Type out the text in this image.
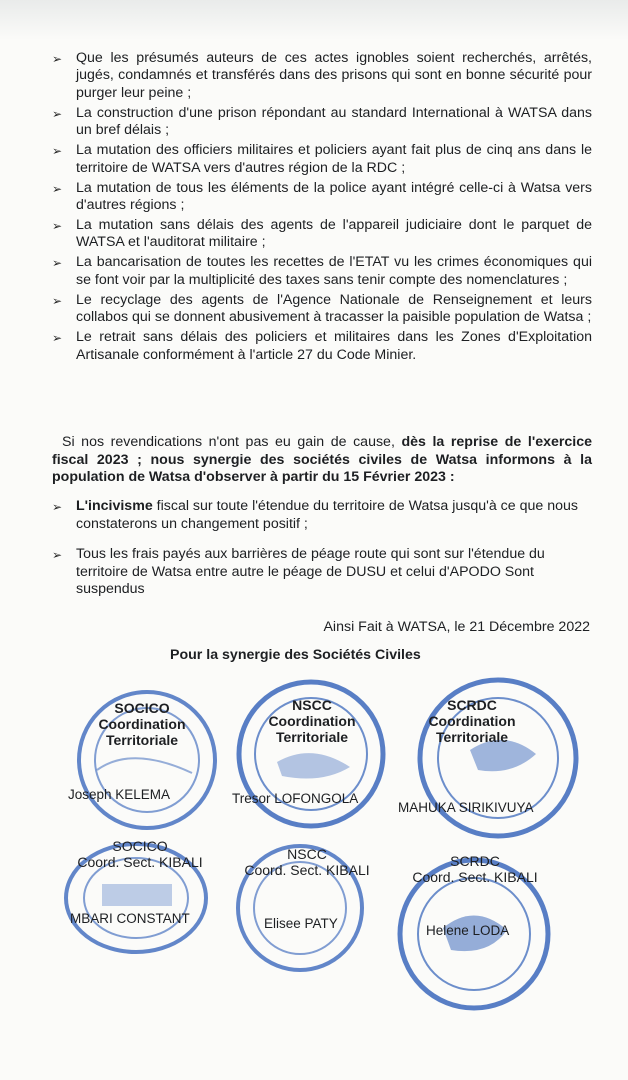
➢ Que les présumés auteurs de ces actes ignobles soient recherchés, arrêtés, jugés, condamnés et transférés dans des prisons qui sont en bonne sécurité pour purger leur peine ;
➢ La construction d'une prison répondant au standard International à WATSA dans un bref délais ;
➢ La mutation des officiers militaires et policiers ayant fait plus de cinq ans dans le territoire de WATSA vers d'autres région de la RDC ;
➢ La mutation de tous les éléments de la police ayant intégré celle-ci à Watsa vers d'autres régions ;
➢ La mutation sans délais des agents de l'appareil judiciaire dont le parquet de WATSA et l'auditorat militaire ;
➢ La bancarisation de toutes les recettes de l'ETAT vu les crimes économiques qui se font voir par la multiplicité des taxes sans tenir compte des nomenclatures ;
➢ Le recyclage des agents de l'Agence Nationale de Renseignement et leurs collabos qui se donnent abusivement à tracasser la paisible population de Watsa ;
➢ Le retrait sans délais des policiers et militaires dans les Zones d'Exploitation Artisanale conformément à l'article 27 du Code Minier.
Si nos revendications n'ont pas eu gain de cause, dès la reprise de l'exercice fiscal 2023 ; nous synergie des sociétés civiles de Watsa informons à la population de Watsa d'observer à partir du 15 Février 2023 :
➢ L'incivisme fiscal sur toute l'étendue du territoire de Watsa jusqu'à ce que nous constaterons un changement positif ;
➢ Tous les frais payés aux barrières de péage route qui sont sur l'étendue du territoire de Watsa entre autre le péage de DUSU et celui d'APODO Sont suspendus
Ainsi Fait à WATSA, le 21 Décembre 2022
Pour la synergie des Sociétés Civiles
SOCICO
Coordination
Territoriale
Joseph KELEMA
NSCC
Coordination
Territoriale
Tresor LOFONGOLA
SCRDC
Coordination
Territoriale
MAHUKA SIRIKIVUYA
SOCICO
Coord. Sect. KIBALI
MBARI CONSTANT
NSCC
Coord. Sect. KIBALI
Elisee PATY
SCRDC
Coord. Sect. KIBALI
Helene LODA
